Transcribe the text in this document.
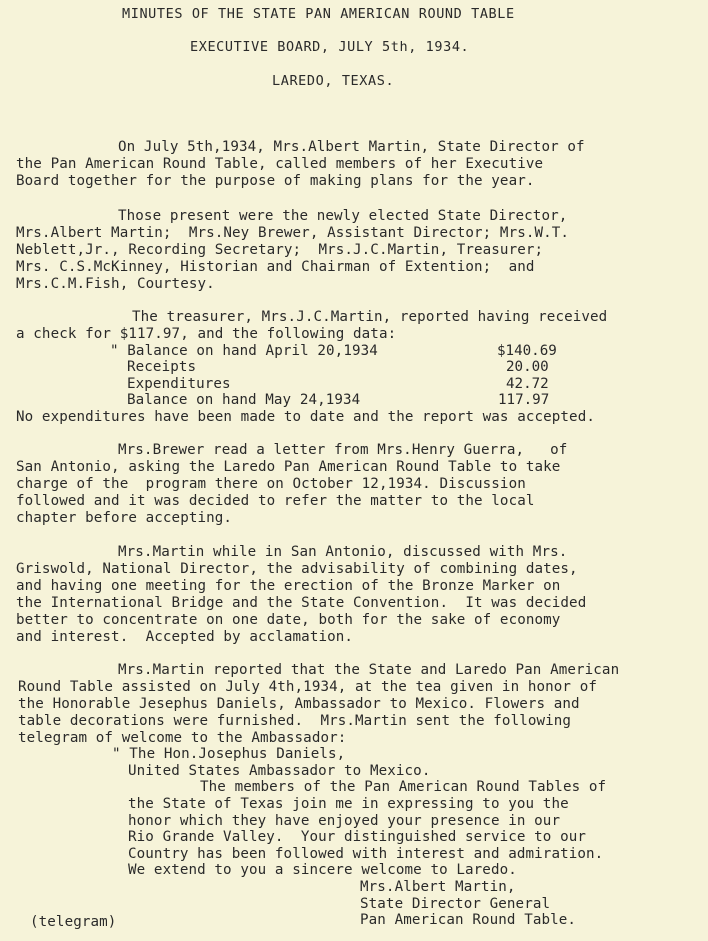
MINUTES OF THE STATE PAN AMERICAN ROUND TABLE
EXECUTIVE BOARD, JULY 5th, 1934.
LAREDO, TEXAS.
On July 5th,1934, Mrs.Albert Martin, State Director of
the Pan American Round Table, called members of her Executive
Board together for the purpose of making plans for the year.
Those present were the newly elected State Director,
Mrs.Albert Martin;  Mrs.Ney Brewer, Assistant Director; Mrs.W.T.
Neblett,Jr., Recording Secretary;  Mrs.J.C.Martin, Treasurer;
Mrs. C.S.McKinney, Historian and Chairman of Extention;  and
Mrs.C.M.Fish, Courtesy.
The treasurer, Mrs.J.C.Martin, reported having received
a check for $117.97, and the following data:
" Balance on hand April 20,1934	$140.69
Receipts	20.00
Expenditures	42.72
Balance on hand May 24,1934	117.97
No expenditures have been made to date and the report was accepted.
Mrs.Brewer read a letter from Mrs.Henry Guerra,   of
San Antonio, asking the Laredo Pan American Round Table to take
charge of the  program there on October 12,1934. Discussion
followed and it was decided to refer the matter to the local
chapter before accepting.
Mrs.Martin while in San Antonio, discussed with Mrs.
Griswold, National Director, the advisability of combining dates,
and having one meeting for the erection of the Bronze Marker on
the International Bridge and the State Convention.  It was decided
better to concentrate on one date, both for the sake of economy
and interest.  Accepted by acclamation.
Mrs.Martin reported that the State and Laredo Pan American
Round Table assisted on July 4th,1934, at the tea given in honor of
the Honorable Jesephus Daniels, Ambassador to Mexico. Flowers and
table decorations were furnished.  Mrs.Martin sent the following
telegram of welcome to the Ambassador:
" The Hon.Josephus Daniels,
United States Ambassador to Mexico.
The members of the Pan American Round Tables of
the State of Texas join me in expressing to you the
honor which they have enjoyed your presence in our
Rio Grande Valley.  Your distinguished service to our
Country has been followed with interest and admiration.
We extend to you a sincere welcome to Laredo.
Mrs.Albert Martin,
State Director General
Pan American Round Table.
(telegram)
